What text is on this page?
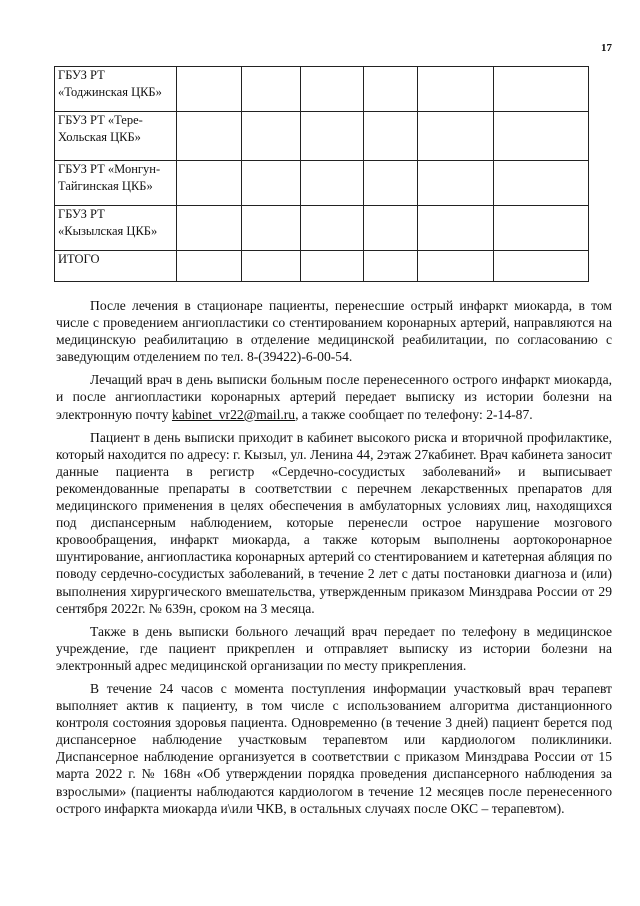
17
ГБУЗ РТ «Тоджинская ЦКБ»						
ГБУЗ РТ «Тере-Хольская ЦКБ»						
ГБУЗ РТ «Монгун-Тайгинская ЦКБ»						
ГБУЗ РТ «Кызылская ЦКБ»						
ИТОГО						

После лечения в стационаре пациенты, перенесшие острый инфаркт миокарда, в том числе с проведением ангиопластики со стентированием коронарных артерий, направляются на медицинскую реабилитацию в отделение медицинской реабилитации, по согласованию с заведующим отделением по тел. 8-(39422)-6-00-54.

Лечащий врач в день выписки больным после перенесенного острого инфаркт миокарда, и после ангиопластики коронарных артерий передает выписку из истории болезни на электронную почту kabinet_vr22@mail.ru, а также сообщает по телефону: 2-14-87.

Пациент в день выписки приходит в кабинет высокого риска и вторичной профилактике, который находится по адресу: г. Кызыл, ул. Ленина 44, 2этаж 27кабинет. Врач кабинета заносит данные пациента в регистр «Сердечно-сосудистых заболеваний» и выписывает рекомендованные препараты в соответствии с перечнем лекарственных препаратов для медицинского применения в целях обеспечения в амбулаторных условиях лиц, находящихся под диспансерным наблюдением, которые перенесли острое нарушение мозгового кровообращения, инфаркт миокарда, а также которым выполнены аортокоронарное шунтирование, ангиопластика коронарных артерий со стентированием и катетерная абляция по поводу сердечно-сосудистых заболеваний, в течение 2 лет с даты постановки диагноза и (или) выполнения хирургического вмешательства, утвержденным приказом Минздрава России от 29 сентября 2022г. № 639н, сроком на 3 месяца.

Также в день выписки больного лечащий врач передает по телефону в медицинское учреждение, где пациент прикреплен и отправляет выписку из истории болезни на электронный адрес медицинской организации по месту прикрепления.

В течение 24 часов с момента поступления информации участковый врач терапевт выполняет актив к пациенту, в том числе с использованием алгоритма дистанционного контроля состояния здоровья пациента. Одновременно (в течение 3 дней) пациент берется под диспансерное наблюдение участковым терапевтом или кардиологом поликлиники. Диспансерное наблюдение организуется в соответствии с приказом Минздрава России от 15 марта 2022 г. № 168н «Об утверждении порядка проведения диспансерного наблюдения за взрослыми» (пациенты наблюдаются кардиологом в течение 12 месяцев после перенесенного острого инфаркта миокарда и\или ЧКВ, в остальных случаях после ОКС – терапевтом).
